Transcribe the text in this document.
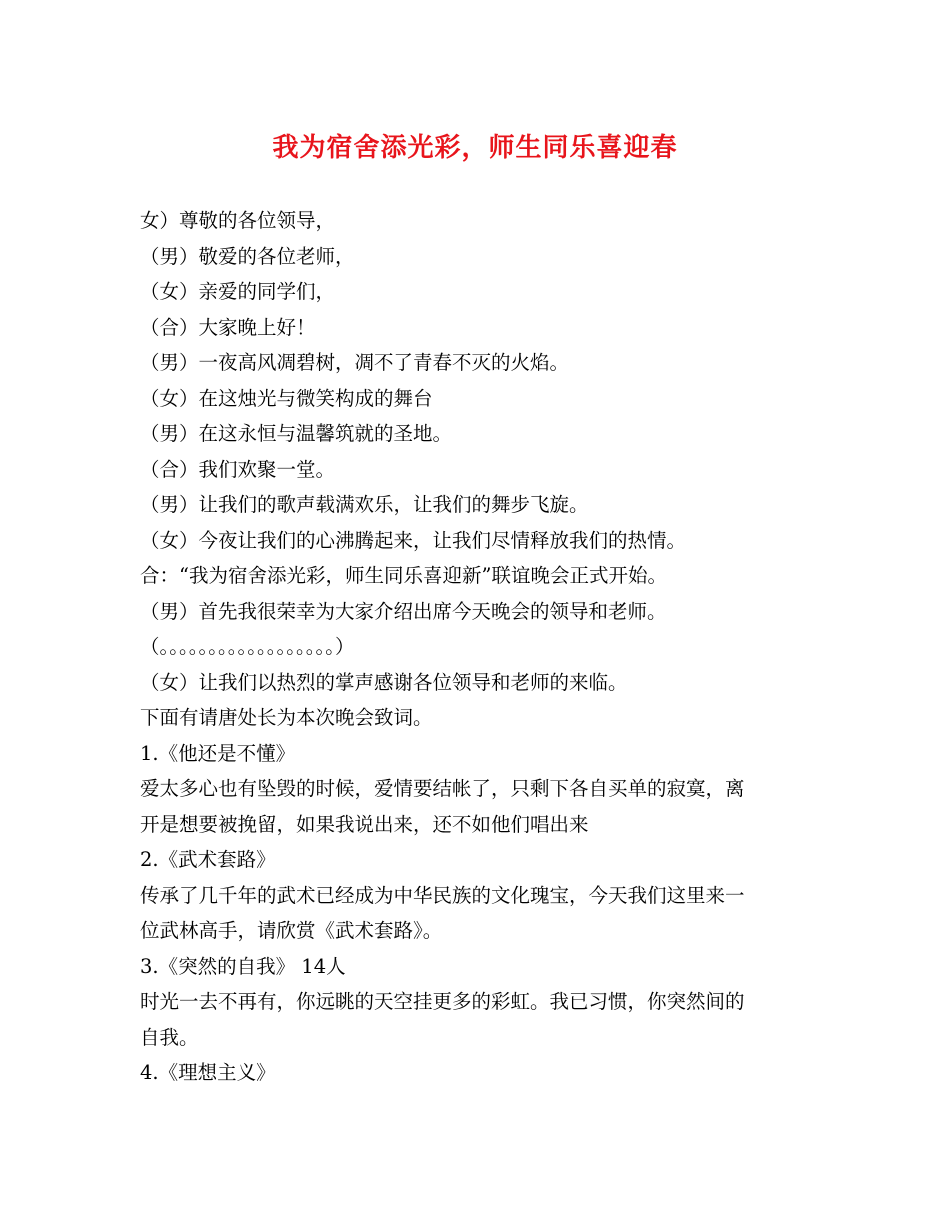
我为宿舍添光彩，师生同乐喜迎春

女）尊敬的各位领导，

（男）敬爱的各位老师，

（女）亲爱的同学们，

（合）大家晚上好！

（男）一夜高风凋碧树，凋不了青春不灭的火焰。

（女）在这烛光与微笑构成的舞台

（男）在这永恒与温馨筑就的圣地。

（合）我们欢聚一堂。

（男）让我们的歌声载满欢乐，让我们的舞步飞旋。

（女）今夜让我们的心沸腾起来，让我们尽情释放我们的热情。

合：“我为宿舍添光彩，师生同乐喜迎新”联谊晚会正式开始。

（男）首先我很荣幸为大家介绍出席今天晚会的领导和老师。

（。。。。。。。。。。。。。。。。。。）

（女）让我们以热烈的掌声感谢各位领导和老师的来临。

下面有请唐处长为本次晚会致词。

1.《他还是不懂》

爱太多心也有坠毁的时候，爱情要结帐了，只剩下各自买单的寂寞，离

开是想要被挽留，如果我说出来，还不如他们唱出来

2.《武术套路》

传承了几千年的武术已经成为中华民族的文化瑰宝，今天我们这里来一

位武林高手，请欣赏《武术套路》。

3.《突然的自我》 14人

时光一去不再有，你远眺的天空挂更多的彩虹。我已习惯，你突然间的

自我。

4.《理想主义》
